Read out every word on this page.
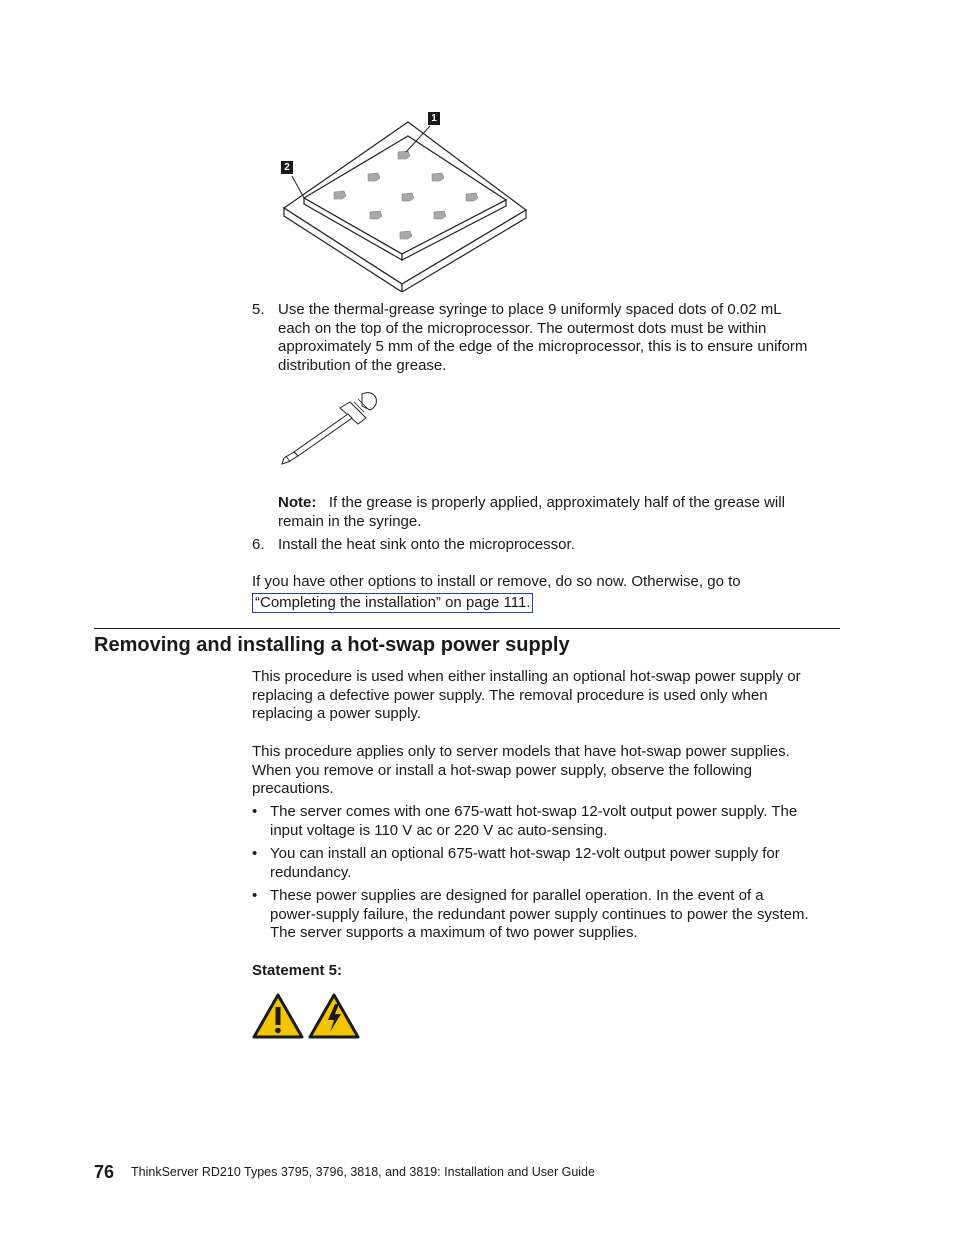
1
2
5. Use the thermal-grease syringe to place 9 uniformly spaced dots of 0.02 mL
each on the top of the microprocessor. The outermost dots must be within
approximately 5 mm of the edge of the microprocessor, this is to ensure uniform
distribution of the grease.
Note: If the grease is properly applied, approximately half of the grease will
remain in the syringe.
6. Install the heat sink onto the microprocessor.
If you have other options to install or remove, do so now. Otherwise, go to
“Completing the installation” on page 111.
Removing and installing a hot-swap power supply
This procedure is used when either installing an optional hot-swap power supply or
replacing a defective power supply. The removal procedure is used only when
replacing a power supply.
This procedure applies only to server models that have hot-swap power supplies.
When you remove or install a hot-swap power supply, observe the following
precautions.
• The server comes with one 675-watt hot-swap 12-volt output power supply. The
input voltage is 110 V ac or 220 V ac auto-sensing.
• You can install an optional 675-watt hot-swap 12-volt output power supply for
redundancy.
• These power supplies are designed for parallel operation. In the event of a
power-supply failure, the redundant power supply continues to power the system.
The server supports a maximum of two power supplies.
Statement 5:
76 ThinkServer RD210 Types 3795, 3796, 3818, and 3819: Installation and User Guide
